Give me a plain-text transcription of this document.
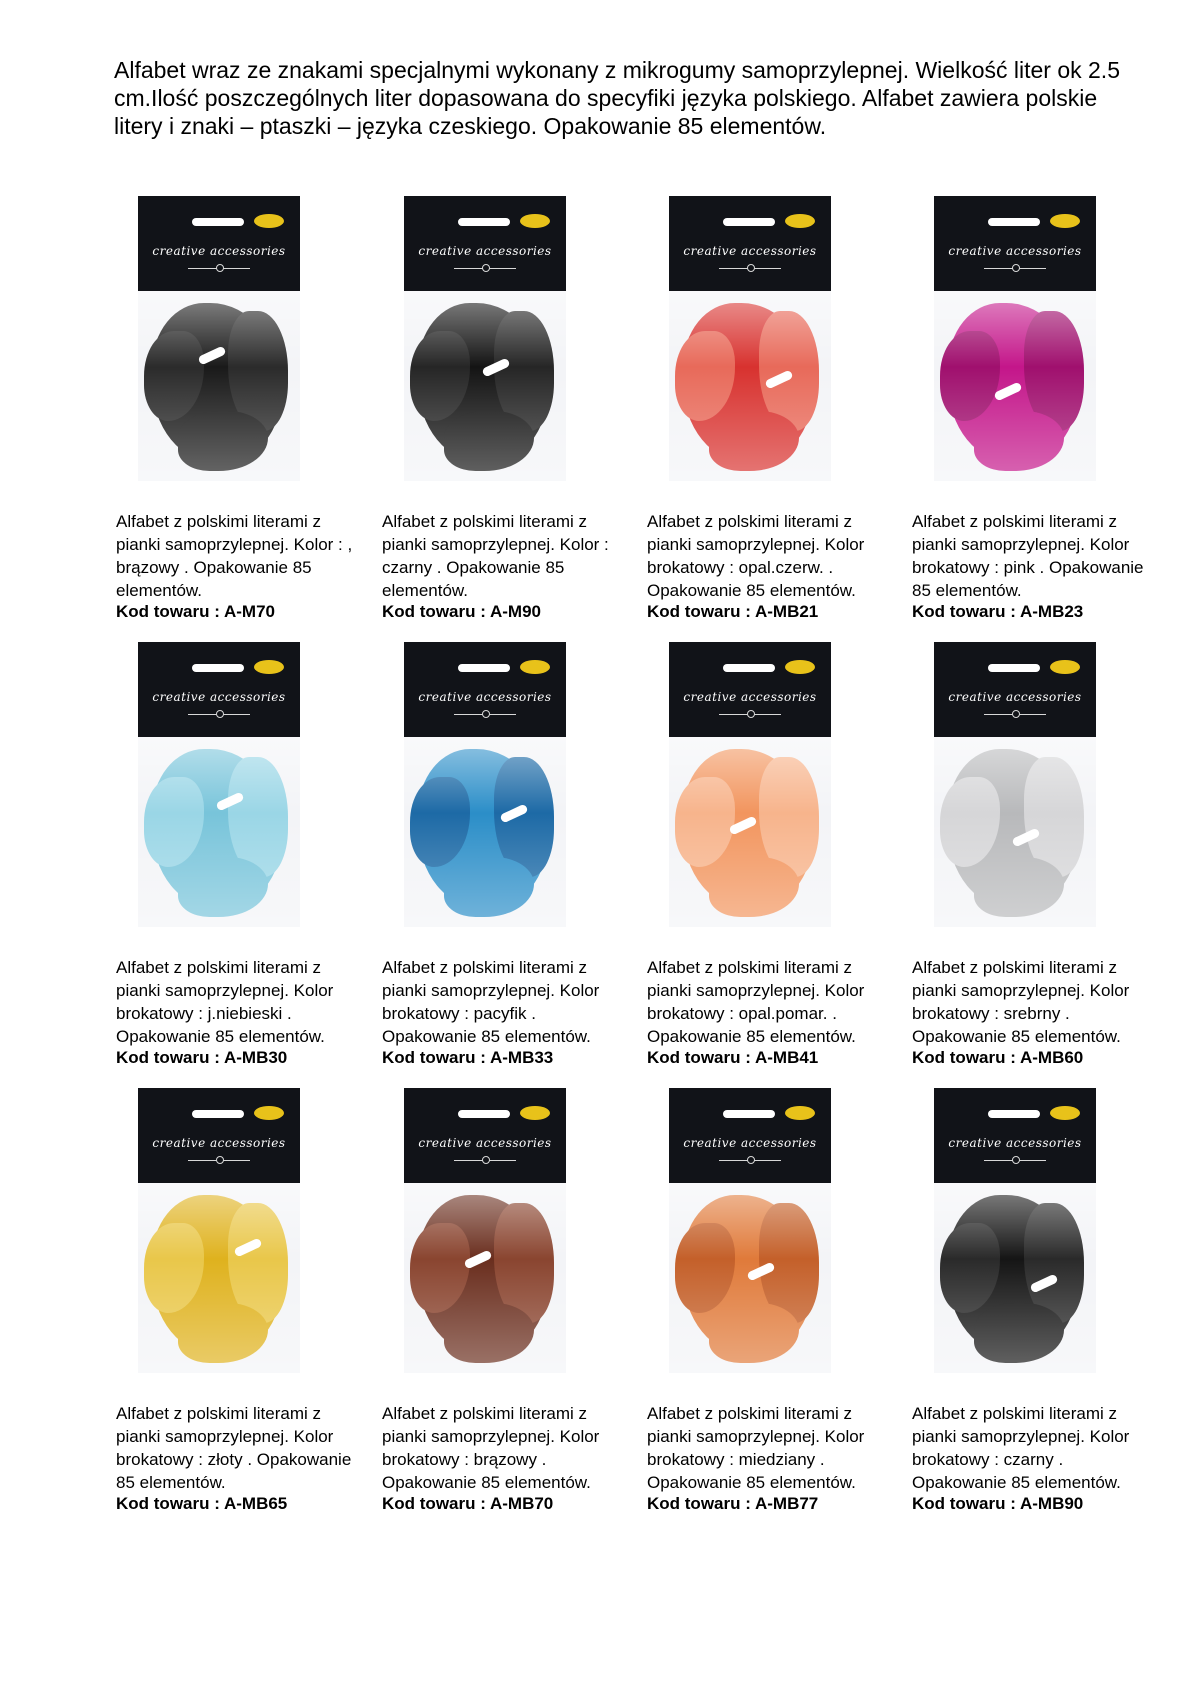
Alfabet wraz ze znakami specjalnymi wykonany z mikrogumy samoprzylepnej. Wielkość liter ok 2.5 cm.Ilość poszczególnych liter dopasowana do specyfiki języka polskiego. Alfabet zawiera polskie litery i znaki – ptaszki – języka czeskiego. Opakowanie 85 elementów.

creative accessories

Alfabet z polskimi literami z pianki samoprzylepnej. Kolor : , brązowy . Opakowanie 85 elementów.

Kod towaru : A-M70

creative accessories

Alfabet z polskimi literami z pianki samoprzylepnej. Kolor : czarny . Opakowanie 85 elementów.

Kod towaru : A-M90

creative accessories

Alfabet z polskimi literami z pianki samoprzylepnej. Kolor brokatowy : opal.czerw. . Opakowanie 85 elementów.

Kod towaru : A-MB21

creative accessories

Alfabet z polskimi literami z pianki samoprzylepnej. Kolor brokatowy : pink . Opakowanie 85 elementów.

Kod towaru : A-MB23

creative accessories

Alfabet z polskimi literami z pianki samoprzylepnej. Kolor brokatowy : j.niebieski . Opakowanie 85 elementów.

Kod towaru : A-MB30

creative accessories

Alfabet z polskimi literami z pianki samoprzylepnej. Kolor brokatowy : pacyfik . Opakowanie 85 elementów.

Kod towaru : A-MB33

creative accessories

Alfabet z polskimi literami z pianki samoprzylepnej. Kolor brokatowy : opal.pomar. . Opakowanie 85 elementów.

Kod towaru : A-MB41

creative accessories

Alfabet z polskimi literami z pianki samoprzylepnej. Kolor brokatowy : srebrny . Opakowanie 85 elementów.

Kod towaru : A-MB60

creative accessories

Alfabet z polskimi literami z pianki samoprzylepnej. Kolor brokatowy : złoty . Opakowanie 85 elementów.

Kod towaru : A-MB65

creative accessories

Alfabet z polskimi literami z pianki samoprzylepnej. Kolor brokatowy : brązowy . Opakowanie 85 elementów.

Kod towaru : A-MB70

creative accessories

Alfabet z polskimi literami z pianki samoprzylepnej. Kolor brokatowy : miedziany . Opakowanie 85 elementów.

Kod towaru : A-MB77

creative accessories

Alfabet z polskimi literami z pianki samoprzylepnej. Kolor brokatowy : czarny . Opakowanie 85 elementów.

Kod towaru : A-MB90
